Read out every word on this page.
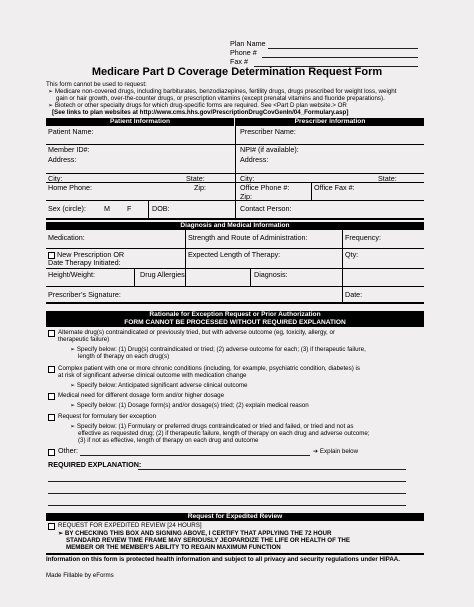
Plan Name
Phone #
Fax #
Medicare Part D Coverage Determination Request Form
This form cannot be used to request:
➢ Medicare non-covered drugs, including barbiturates, benzodiazepines, fertility drugs, drugs prescribed for weight loss, weight
gain or hair growth, over-the-counter drugs, or prescription vitamins (except prenatal vitamins and fluoride preparations).
➢ Biotech or other specialty drugs for which drug-specific forms are required. See <Part D plan website.> OR
[See links to plan websites at http://www.cms.hhs.gov/PrescriptionDrugCovGenIn/04_Formulary.asp]
Patient Information	Prescriber Information
Patient Name:
Member ID#:
Address:
City:	State:
Home Phone:	Zip:
Sex (circle):	M F	DOB:
Prescriber Name:
NPI# (if available):
Address:
City:	State:
Office Phone #:	Office Fax #:
Zip:
Contact Person:
Diagnosis and Medical Information
Medication:	Strength and Route of Administration:	Frequency:
New Prescription OR
Date Therapy Initiated:
Expected Length of Therapy:	Qty:
Height/Weight:	Drug Allergies:	Diagnosis:
Prescriber’s Signature:	Date:
Rationale for Exception Request or Prior Authorization
FORM CANNOT BE PROCESSED WITHOUT REQUIRED EXPLANATION
Alternate drug(s) contraindicated or previously tried, but with adverse outcome (eg, toxicity, allergy, or
therapeutic failure)
➢ Specify below: (1) Drug(s) contraindicated or tried; (2) adverse outcome for each; (3) if therapeutic failure,
length of therapy on each drug(s)
Complex patient with one or more chronic conditions (including, for example, psychiatric condition, diabetes) is
at risk of significant adverse clinical outcome with medication change
➢ Specify below: Anticipated significant adverse clinical outcome
Medical need for different dosage form and/or higher dosage
➢ Specify below: (1) Dosage form(s) and/or dosage(s) tried; (2) explain medical reason
Request for formulary tier exception
➢ Specify below: (1) Formulary or preferred drugs contraindicated or tried and failed, or tried and not as
effective as requested drug; (2) if therapeutic failure, length of therapy on each drug and adverse outcome;
(3) if not as effective, length of therapy on each drug and outcome
Other:	➔ Explain below
REQUIRED EXPLANATION:
Request for Expedited Review
REQUEST FOR EXPEDITED REVIEW [24 HOURS]
➢ BY CHECKING THIS BOX AND SIGNING ABOVE, I CERTIFY THAT APPLYING THE 72 HOUR
STANDARD REVIEW TIME FRAME MAY SERIOUSLY JEOPARDIZE THE LIFE OR HEALTH OF THE
MEMBER OR THE MEMBER’S ABILITY TO REGAIN MAXIMUM FUNCTION
Information on this form is protected health information and subject to all privacy and security regulations under HIPAA.
Made Fillable by eForms
